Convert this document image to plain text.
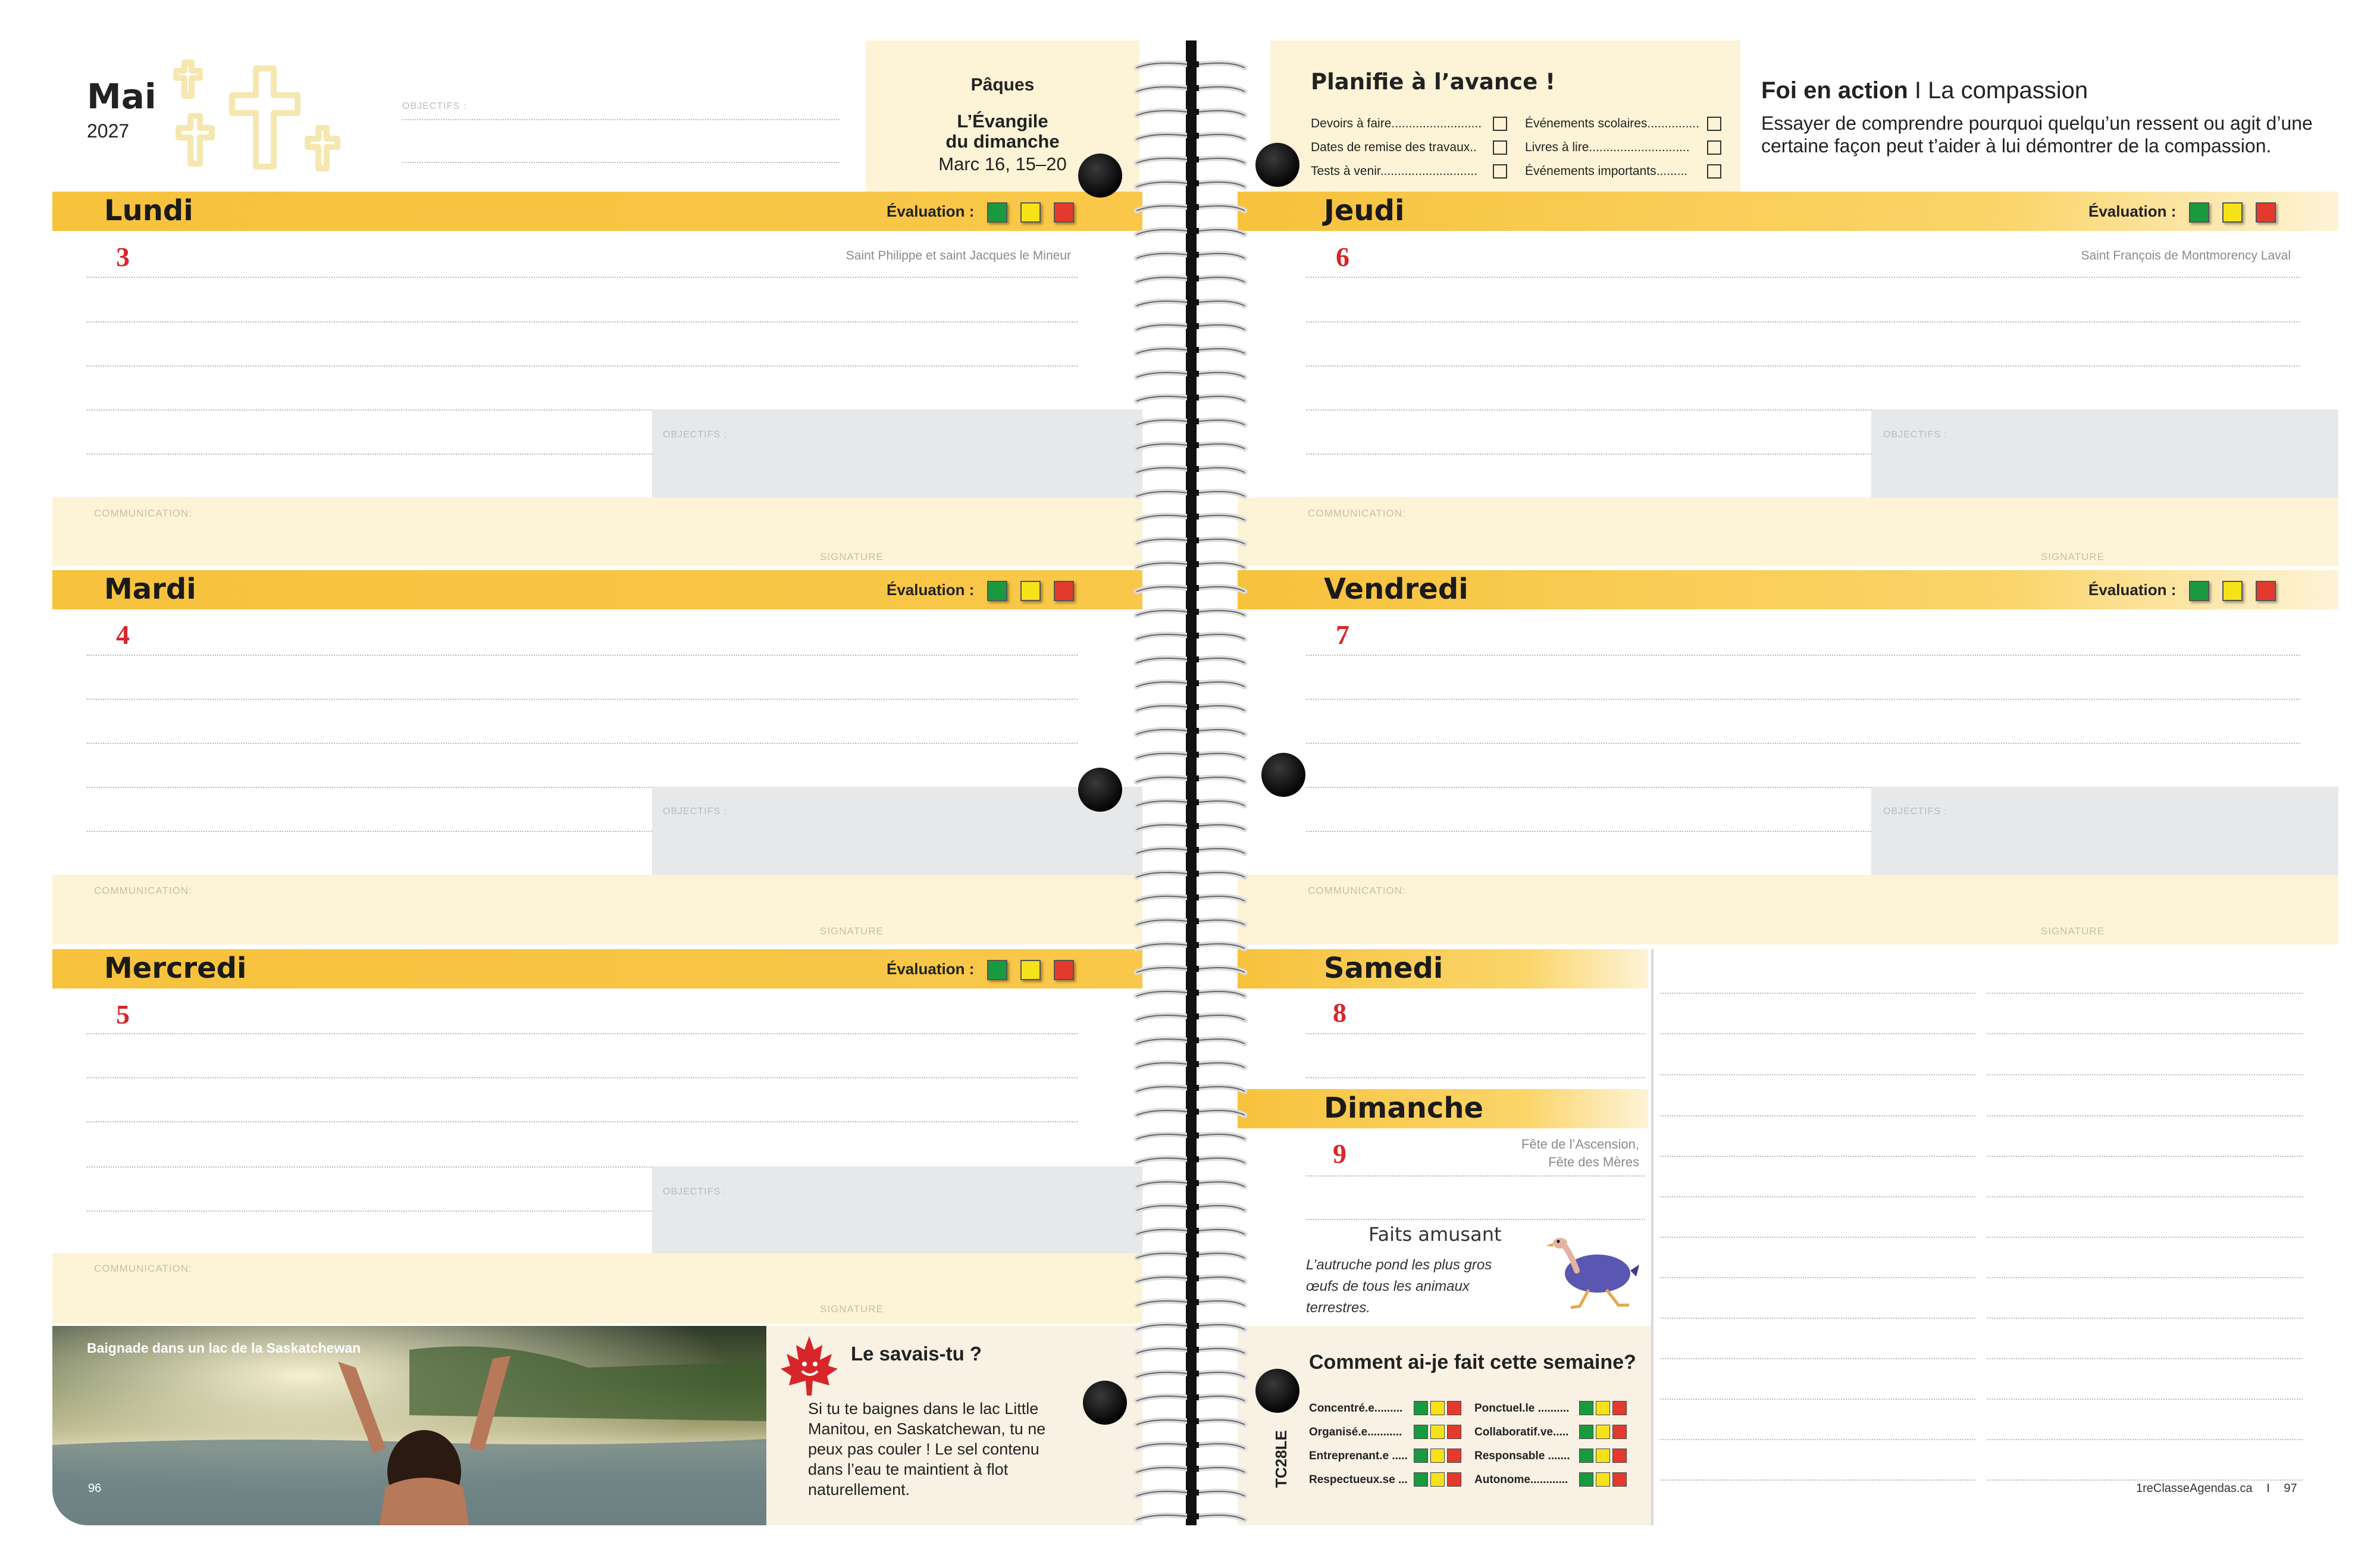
Mai
2027
OBJECTIFS :
Pâques
L’Évangile
du dimanche
Marc 16, 15–20
Planifie à l’avance !
Devoirs à faire..........................
Dates de remise des travaux..
Tests à venir............................
Événements scolaires...............
Livres à lire.............................
Événements importants.........
Foi en action I La compassion
Essayer de comprendre pourquoi quelqu’un ressent ou agit d’une certaine façon peut t’aider à lui démontrer de la compassion.
Lundi	Évaluation :
3	Saint Philippe et saint Jacques le Mineur
OBJECTIFS :
COMMUNICATION:
SIGNATURE
Mardi	Évaluation :
4
OBJECTIFS :
COMMUNICATION:
SIGNATURE
Mercredi	Évaluation :
5
OBJECTIFS :
COMMUNICATION:
SIGNATURE
Baignade dans un lac de la Saskatchewan
96
Le savais-tu ?
Si tu te baignes dans le lac Little Manitou, en Saskatchewan, tu ne peux pas couler ! Le sel contenu dans l’eau te maintient à flot naturellement.
Jeudi	Évaluation :
6	Saint François de Montmorency Laval
OBJECTIFS :
COMMUNICATION:
SIGNATURE
Vendredi	Évaluation :
7
OBJECTIFS :
COMMUNICATION:
SIGNATURE
Samedi
8
Dimanche
9	Fête de l’Ascension,
Fête des Mères
Faits amusant
L’autruche pond les plus gros
œufs de tous les animaux
terrestres.
Comment ai-je fait cette semaine?
TC28LE
Concentré.e.........
Organisé.e...........
Entreprenant.e .....
Respectueux.se ...
Ponctuel.le ..........
Collaboratif.ve.....
Responsable .......
Autonome............
1reClasseAgendas.ca I 97
